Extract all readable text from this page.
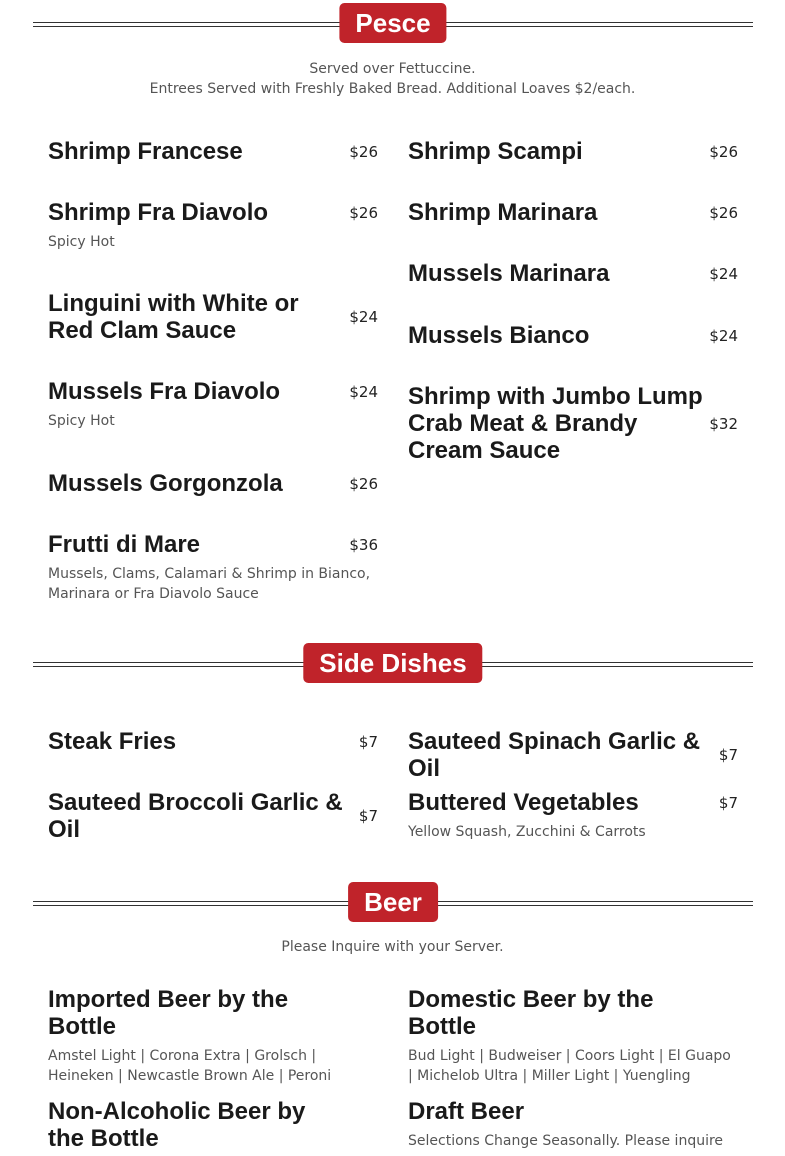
Pesce
Served over Fettuccine.
Entrees Served with Freshly Baked Bread. Additional Loaves $2/each.
Shrimp Francese	$26
Shrimp Fra Diavolo	$26
Spicy Hot
Linguini with White or Red Clam Sauce	$24
Mussels Fra Diavolo	$24
Spicy Hot
Mussels Gorgonzola	$26
Frutti di Mare	$36
Mussels, Clams, Calamari & Shrimp in Bianco, Marinara or Fra Diavolo Sauce
Shrimp Scampi	$26
Shrimp Marinara	$26
Mussels Marinara	$24
Mussels Bianco	$24
Shrimp with Jumbo Lump Crab Meat & Brandy Cream Sauce
$32
Side Dishes
Steak Fries	$7
Sauteed Broccoli Garlic & Oil	$7
Sauteed Spinach Garlic & Oil	$7
Buttered Vegetables	$7
Yellow Squash, Zucchini & Carrots
Beer
Please Inquire with your Server.
Imported Beer by the Bottle
Amstel Light | Corona Extra | Grolsch | Heineken | Newcastle Brown Ale | Peroni
Non-Alcoholic Beer by the Bottle
Domestic Beer by the Bottle
Bud Light | Budweiser | Coors Light | El Guapo | Michelob Ultra | Miller Light | Yuengling
Draft Beer
Selections Change Seasonally. Please inquire
